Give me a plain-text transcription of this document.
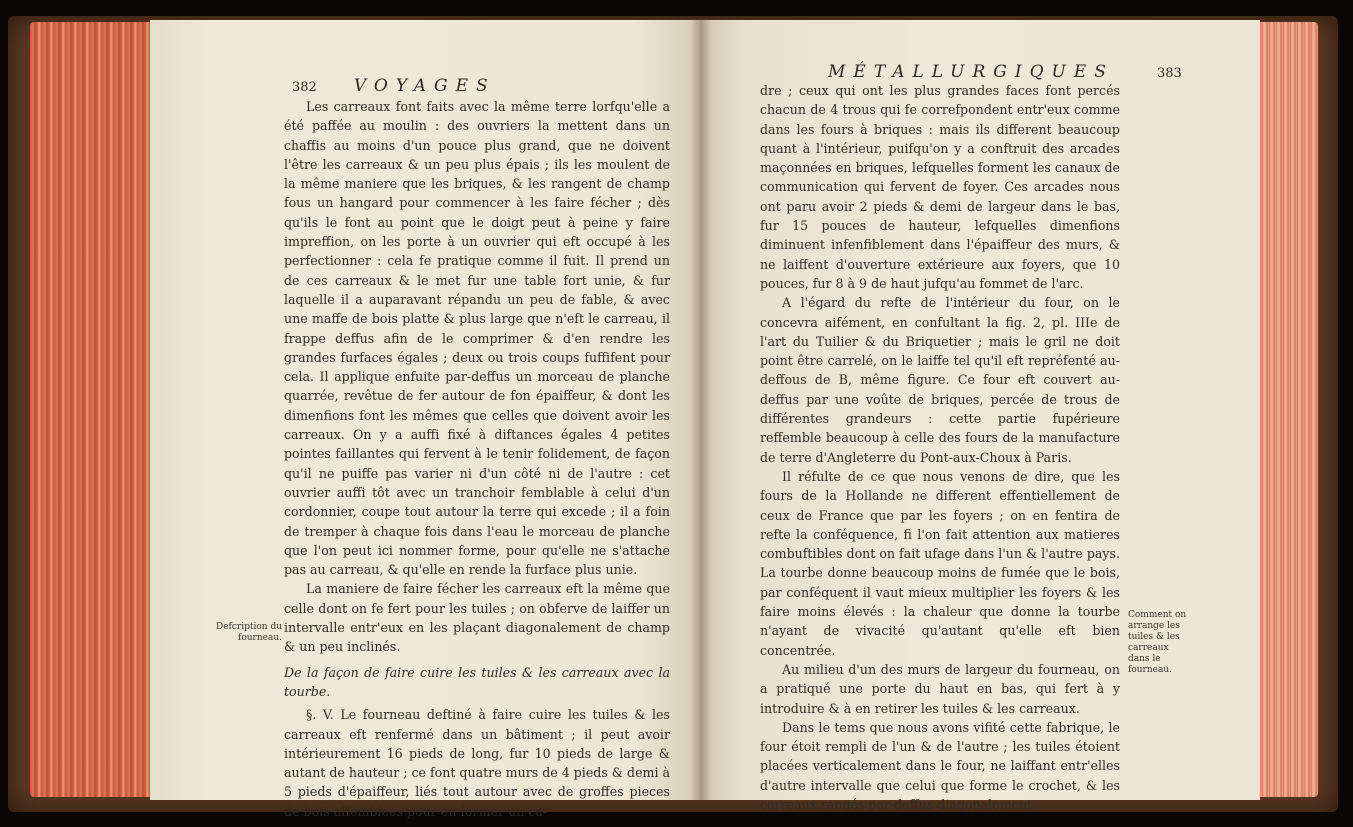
382 VOYAGES

Les carreaux font faits avec la même terre lorfqu'elle a été paffée au moulin : des ouvriers la mettent dans un chaffis au moins d'un pouce plus grand, que ne doivent l'être les carreaux & un peu plus épais ; ils les moulent de la même maniere que les briques, & les rangent de champ fous un hangard pour commencer à les faire fécher ; dès qu'ils le font au point que le doigt peut à peine y faire impreffion, on les porte à un ouvrier qui eft occupé à les perfectionner : cela fe pratique comme il fuit. Il prend un de ces carreaux & le met fur une table fort unie, & fur laquelle il a auparavant répandu un peu de fable, & avec une maffe de bois platte & plus large que n'eft le carreau, il frappe deffus afin de le comprimer & d'en rendre les grandes furfaces égales ; deux ou trois coups fuffifent pour cela. Il applique enfuite par-deffus un morceau de planche quarrée, revêtue de fer autour de fon épaiffeur, & dont les dimenfions font les mêmes que celles que doivent avoir les carreaux. On y a auffi fixé à diftances égales 4 petites pointes faillantes qui fervent à le tenir folidement, de façon qu'il ne puiffe pas varier ni d'un côté ni de l'autre : cet ouvrier auffi tôt avec un tranchoir femblable à celui d'un cordonnier, coupe tout autour la terre qui excede ; il a foin de tremper à chaque fois dans l'eau le morceau de planche que l'on peut ici nommer forme, pour qu'elle ne s'attache pas au carreau, & qu'elle en rende la furface plus unie.

La maniere de faire fécher les carreaux eft la même que celle dont on fe fert pour les tuiles ; on obferve de laiffer un intervalle entr'eux en les plaçant diagonalement de champ & un peu inclinés.

De la façon de faire cuire les tuiles & les carreaux avec la tourbe.

§. V. Le fourneau deftiné à faire cuire les tuiles & les carreaux eft renfermé dans un bâtiment ; il peut avoir intérieurement 16 pieds de long, fur 10 pieds de large & autant de hauteur ; ce font quatre murs de 4 pieds & demi à 5 pieds d'épaiffeur, liés tout autour avec de groffes pieces de bois affemblées pour en former un ca-

Defcription du fourneau.
MÉTALLURGIQUES	383

dre ; ceux qui ont les plus grandes faces font percés chacun de 4 trous qui fe correfpondent entr'eux comme dans les fours à briques : mais ils different beaucoup quant à l'intérieur, puifqu'on y a conftruit des arcades maçonnées en briques, lefquelles forment les canaux de communication qui fervent de foyer. Ces arcades nous ont paru avoir 2 pieds & demi de largeur dans le bas, fur 15 pouces de hauteur, lefquelles dimenfions diminuent infenfiblement dans l'épaiffeur des murs, & ne laiffent d'ouverture extérieure aux foyers, que 10 pouces, fur 8 à 9 de haut jufqu'au fommet de l'arc.

A l'égard du refte de l'intérieur du four, on le concevra aifément, en confultant la fig. 2, pl. IIIe de l'art du Tuilier & du Briquetier ; mais le gril ne doit point être carrelé, on le laiffe tel qu'il eft repréfenté au-deffous de B, même figure. Ce four eft couvert au-deffus par une voûte de briques, percée de trous de différentes grandeurs : cette partie fupérieure reffemble beaucoup à celle des fours de la manufacture de terre d'Angleterre du Pont-aux-Choux à Paris.

Il réfulte de ce que nous venons de dire, que les fours de la Hollande ne different effentiellement de ceux de France que par les foyers ; on en fentira de refte la conféquence, fi l'on fait attention aux matieres combuftibles dont on fait ufage dans l'un & l'autre pays. La tourbe donne beaucoup moins de fumée que le bois, par conféquent il vaut mieux multiplier les foyers & les faire moins élevés : la chaleur que donne la tourbe n'ayant de vivacité qu'autant qu'elle eft bien concentrée.

Au milieu d'un des murs de largeur du fourneau, on a pratiqué une porte du haut en bas, qui fert à y introduire & à en retirer les tuiles & les carreaux.

Dans le tems que nous avons vifité cette fabrique, le four étoit rempli de l'un & de l'autre ; les tuiles étoient placées verticalement dans le four, ne laiffant entr'elles d'autre intervalle que celui que forme le crochet, & les carreaux rangés par-deffus diagonalement

Comment on arrange les tuiles & les carreaux dans le fourneau.
